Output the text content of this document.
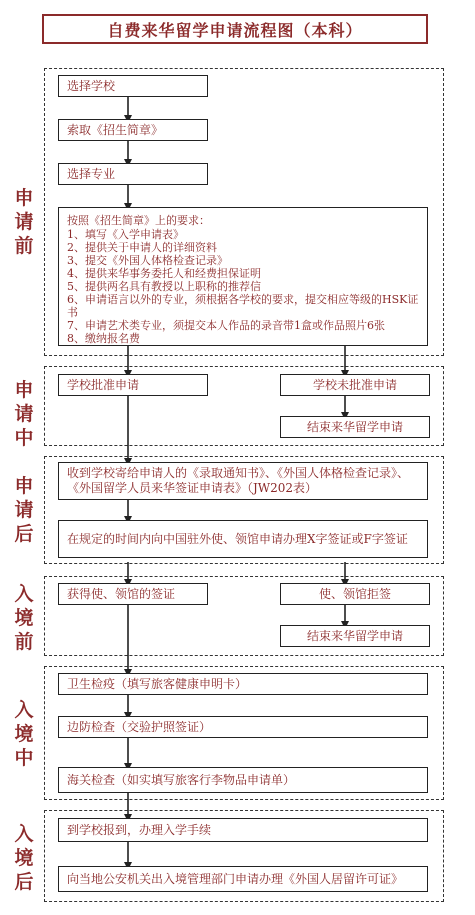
自费来华留学申请流程图（本科）
申请前
申请中
申请后
入境前
入境中
入境后
选择学校
索取《招生简章》
选择专业
按照《招生简章》上的要求：
1、填写《入学申请表》
2、提供关于申请人的详细资料
3、提交《外国人体格检查记录》
4、提供来华事务委托人和经费担保证明
5、提供两名具有教授以上职称的推荐信
6、申请语言以外的专业，须根据各学校的要求，提交相应等级的HSK证书
7、申请艺术类专业，须提交本人作品的录音带1盒或作品照片6张
8、缴纳报名费
学校批准申请	学校未批准申请
结束来华留学申请
收到学校寄给申请人的《录取通知书》、《外国人体格检查记录》、《外国留学人员来华签证申请表》（JW202表）
在规定的时间内向中国驻外使、领馆申请办理X字签证或F字签证
获得使、领馆的签证	使、领馆拒签
结束来华留学申请
卫生检疫（填写旅客健康申明卡）
边防检查（交验护照签证）
海关检查（如实填写旅客行李物品申请单）
到学校报到，办理入学手续
向当地公安机关出入境管理部门申请办理《外国人居留许可证》
